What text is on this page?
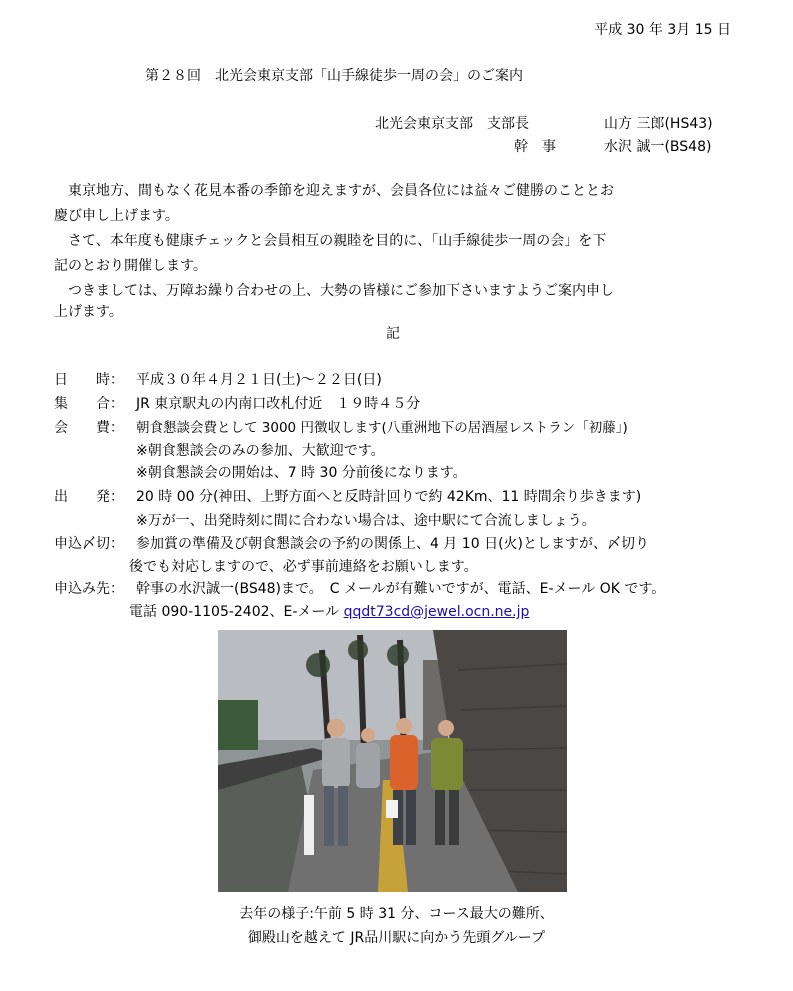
平成 30 年 3月 15 日
第２８回　北光会東京支部「山手線徒歩一周の会」のご案内
北光会東京支部　支部長	山方 三郎(HS43)
幹　事	水沢 誠一(BS48)
　東京地方、間もなく花見本番の季節を迎えますが、会員各位には益々ご健勝のこととお
慶び申し上げます。
　さて、本年度も健康チェックと会員相互の親睦を目的に、「山手線徒歩一周の会」を下
記のとおり開催します。
　つきましては、万障お繰り合わせの上、大勢の皆様にご参加下さいますようご案内申し
上げます。
記
日　　時： 平成３０年４月２１日(土)～２２日(日)
集　　合： JR 東京駅丸の内南口改札付近　１９時４５分
会　　費： 朝食懇談会費として 3000 円徴収します(八重洲地下の居酒屋レストラン「初藤」)
※朝食懇談会のみの参加、大歓迎です。
※朝食懇談会の開始は、7 時 30 分前後になります。
出　　発： 20 時 00 分(神田、上野方面へと反時計回りで約 42Km、11 時間余り歩きます)
※万が一、出発時刻に間に合わない場合は、途中駅にて合流しましょう。
申込〆切： 参加賞の準備及び朝食懇談会の予約の関係上、4 月 10 日(火)としますが、〆切り
後でも対応しますので、必ず事前連絡をお願いします。
申込み先： 幹事の水沢誠一(BS48)まで。　C メールが有難いですが、電話、E-メール OK です。
電話 090-1105-2402、E-メール qqdt73cd@jewel.ocn.ne.jp
去年の様子:午前 5 時 31 分、コース最大の難所、
御殿山を越えて JR品川駅に向かう先頭グループ
